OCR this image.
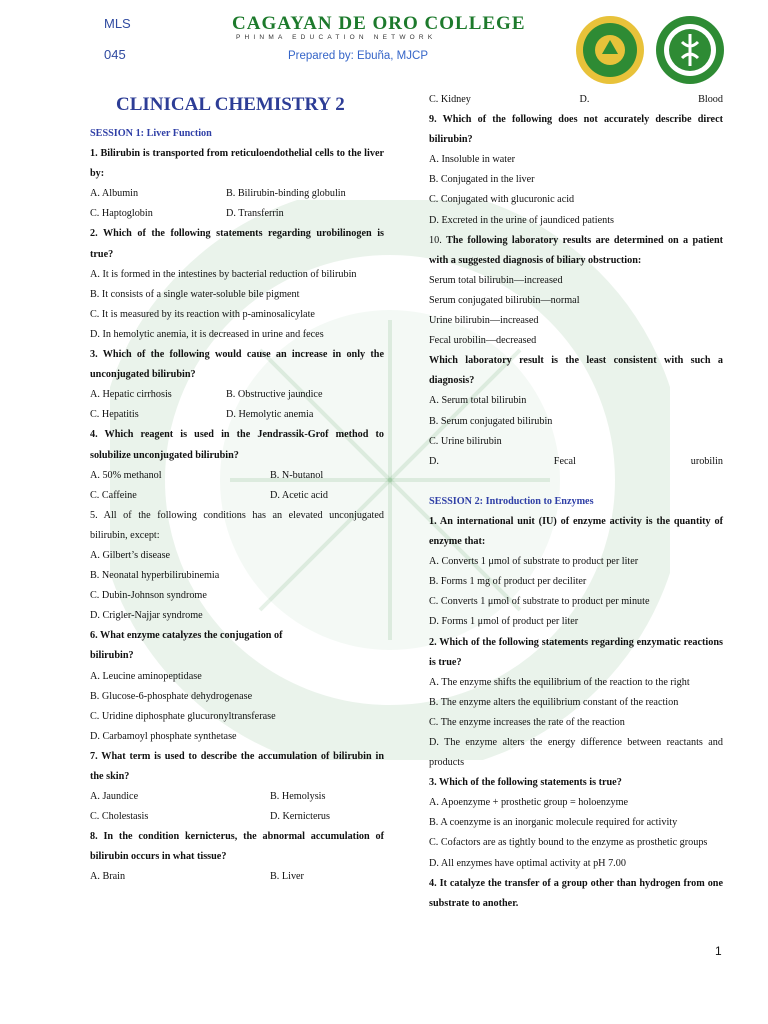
MLS
045
CAGAYAN DE ORO COLLEGE
PHINMA EDUCATION NETWORK
Prepared by: Ebuña, MJCP

CLINICAL CHEMISTRY 2

SESSION 1: Liver Function

1. Bilirubin is transported from reticuloendothelial cells to the liver by:

A. Albumin	B. Bilirubin-binding globulin
C. Haptoglobin	D. Transferrin

2. Which of the following statements regarding urobilinogen is true?

A. It is formed in the intestines by bacterial reduction of bilirubin

B. It consists of a single water-soluble bile pigment

C. It is measured by its reaction with p-aminosalicylate

D. In hemolytic anemia, it is decreased in urine and feces

3. Which of the following would cause an increase in only the unconjugated bilirubin?

A. Hepatic cirrhosis	B. Obstructive jaundice
C. Hepatitis	D. Hemolytic anemia

4. Which reagent is used in the Jendrassik-Grof method to solubilize unconjugated bilirubin?

A. 50% methanol	B. N-butanol
C. Caffeine	D. Acetic acid

5. All of the following conditions has an elevated unconjugated bilirubin, except:

A. Gilbert’s disease

B. Neonatal hyperbilirubinemia

C. Dubin-Johnson syndrome

D. Crigler-Najjar syndrome

6. What enzyme catalyzes the conjugation of

bilirubin?

A. Leucine aminopeptidase

B. Glucose-6-phosphate dehydrogenase

C. Uridine diphosphate glucuronyltransferase

D. Carbamoyl phosphate synthetase

7. What term is used to describe the accumulation of bilirubin in the skin?

A. Jaundice	B. Hemolysis
C. Cholestasis	D. Kernicterus

8. In the condition kernicterus, the abnormal accumulation of bilirubin occurs in what tissue?

A. Brain	B. Liver
C. Kidney	D.	Blood

9. Which of the following does not accurately describe direct bilirubin?

A. Insoluble in water

B. Conjugated in the liver

C. Conjugated with glucuronic acid

D. Excreted in the urine of jaundiced patients

10. The following laboratory results are determined on a patient with a suggested diagnosis of biliary obstruction:

Serum total bilirubin—increased

Serum conjugated bilirubin—normal

Urine bilirubin—increased

Fecal urobilin—decreased

Which laboratory result is the least consistent with such a diagnosis?

A. Serum total bilirubin

B. Serum conjugated bilirubin

C. Urine bilirubin

D.	Fecal	urobilin

SESSION 2: Introduction to Enzymes

1. An international unit (IU) of enzyme activity is the quantity of enzyme that:

A. Converts 1 μmol of substrate to product per liter

B. Forms 1 mg of product per deciliter

C. Converts 1 μmol of substrate to product per minute

D. Forms 1 μmol of product per liter

2. Which of the following statements regarding enzymatic reactions is true?

A. The enzyme shifts the equilibrium of the reaction to the right

B. The enzyme alters the equilibrium constant of the reaction

C. The enzyme increases the rate of the reaction

D. The enzyme alters the energy difference between reactants and products

3. Which of the following statements is true?

A. Apoenzyme + prosthetic group = holoenzyme

B. A coenzyme is an inorganic molecule required for activity

C. Cofactors are as tightly bound to the enzyme as prosthetic groups

D. All enzymes have optimal activity at pH 7.00

4. It catalyze the transfer of a group other than hydrogen from one substrate to another.

1
